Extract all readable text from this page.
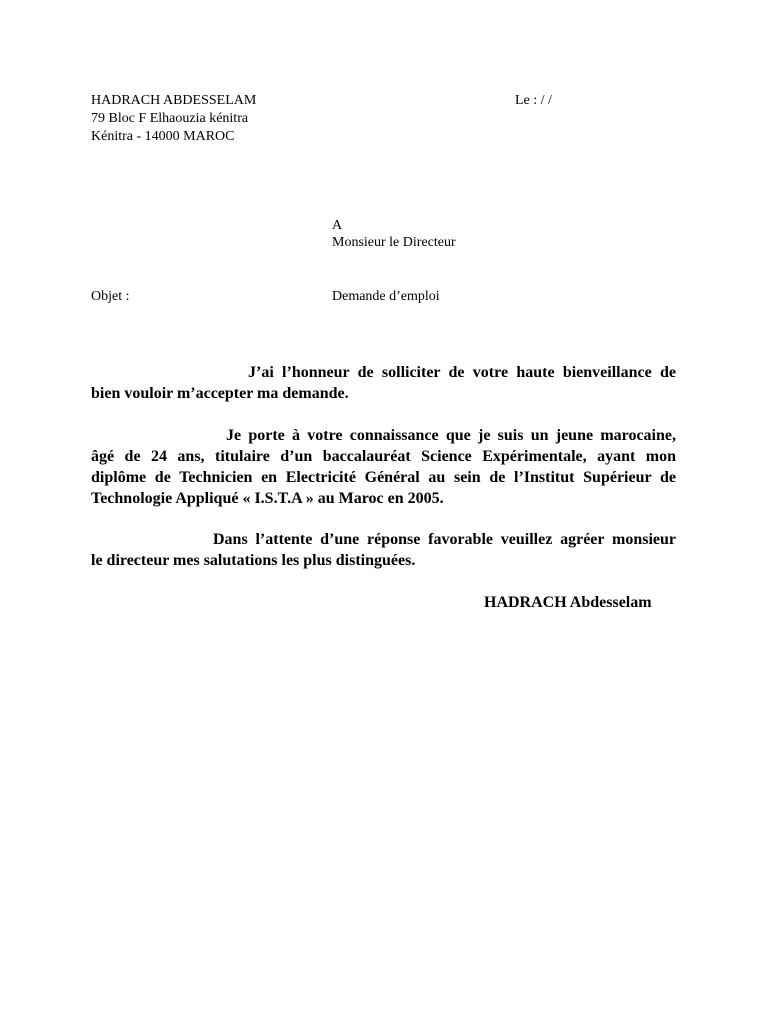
HADRACH ABDESSELAM
79 Bloc F Elhaouzia kénitra
Kénitra - 14000 MAROC
Le : / /
A
Monsieur le Directeur
Objet :	Demande d’emploi
J’ai l’honneur de solliciter de votre haute bienveillance de
bien vouloir m’accepter ma demande.
Je porte à votre connaissance que je suis un jeune marocaine,
âgé de 24 ans, titulaire d’un baccalauréat Science Expérimentale, ayant mon
diplôme de Technicien en Electricité Général au sein de l’Institut Supérieur de
Technologie Appliqué « I.S.T.A » au Maroc en 2005.
Dans l’attente d’une réponse favorable veuillez agréer monsieur
le directeur mes salutations les plus distinguées.
HADRACH Abdesselam
